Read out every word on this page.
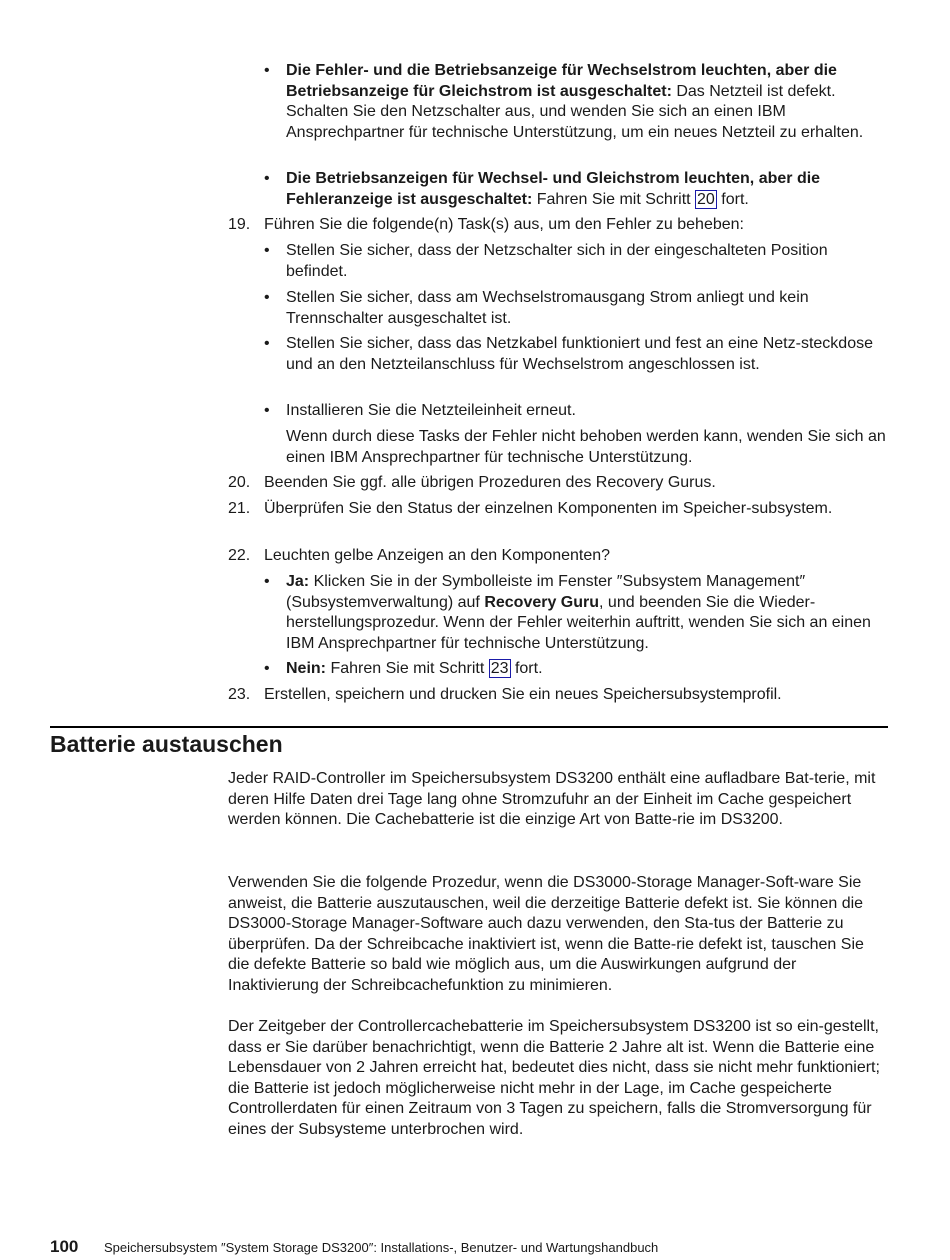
• Die Fehler- und die Betriebsanzeige für Wechselstrom leuchten, aber die Betriebsanzeige für Gleichstrom ist ausgeschaltet: Das Netzteil ist defekt. Schalten Sie den Netzschalter aus, und wenden Sie sich an einen IBM Ansprechpartner für technische Unterstützung, um ein neues Netzteil zu erhalten.
• Die Betriebsanzeigen für Wechsel- und Gleichstrom leuchten, aber die Fehleranzeige ist ausgeschaltet: Fahren Sie mit Schritt 20 fort.
19. Führen Sie die folgende(n) Task(s) aus, um den Fehler zu beheben:
• Stellen Sie sicher, dass der Netzschalter sich in der eingeschalteten Position befindet.
• Stellen Sie sicher, dass am Wechselstromausgang Strom anliegt und kein Trennschalter ausgeschaltet ist.
• Stellen Sie sicher, dass das Netzkabel funktioniert und fest an eine Netz-steckdose und an den Netzteilanschluss für Wechselstrom angeschlossen ist.
• Installieren Sie die Netzteileinheit erneut.
Wenn durch diese Tasks der Fehler nicht behoben werden kann, wenden Sie sich an einen IBM Ansprechpartner für technische Unterstützung.
20. Beenden Sie ggf. alle übrigen Prozeduren des Recovery Gurus.
21. Überprüfen Sie den Status der einzelnen Komponenten im Speicher-subsystem.
22. Leuchten gelbe Anzeigen an den Komponenten?
• Ja: Klicken Sie in der Symbolleiste im Fenster ″Subsystem Management″ (Subsystemverwaltung) auf Recovery Guru, und beenden Sie die Wieder-herstellungsprozedur. Wenn der Fehler weiterhin auftritt, wenden Sie sich an einen IBM Ansprechpartner für technische Unterstützung.
• Nein: Fahren Sie mit Schritt 23 fort.
23. Erstellen, speichern und drucken Sie ein neues Speichersubsystemprofil.
Batterie austauschen
Jeder RAID-Controller im Speichersubsystem DS3200 enthält eine aufladbare Bat-terie, mit deren Hilfe Daten drei Tage lang ohne Stromzufuhr an der Einheit im Cache gespeichert werden können. Die Cachebatterie ist die einzige Art von Batte-rie im DS3200.
Verwenden Sie die folgende Prozedur, wenn die DS3000-Storage Manager-Soft-ware Sie anweist, die Batterie auszutauschen, weil die derzeitige Batterie defekt ist. Sie können die DS3000-Storage Manager-Software auch dazu verwenden, den Sta-tus der Batterie zu überprüfen. Da der Schreibcache inaktiviert ist, wenn die Batte-rie defekt ist, tauschen Sie die defekte Batterie so bald wie möglich aus, um die Auswirkungen aufgrund der Inaktivierung der Schreibcachefunktion zu minimieren.
Der Zeitgeber der Controllercachebatterie im Speichersubsystem DS3200 ist so ein-gestellt, dass er Sie darüber benachrichtigt, wenn die Batterie 2 Jahre alt ist. Wenn die Batterie eine Lebensdauer von 2 Jahren erreicht hat, bedeutet dies nicht, dass sie nicht mehr funktioniert; die Batterie ist jedoch möglicherweise nicht mehr in der Lage, im Cache gespeicherte Controllerdaten für einen Zeitraum von 3 Tagen zu speichern, falls die Stromversorgung für eines der Subsysteme unterbrochen wird.
100 Speichersubsystem ″System Storage DS3200″: Installations-, Benutzer- und Wartungshandbuch
